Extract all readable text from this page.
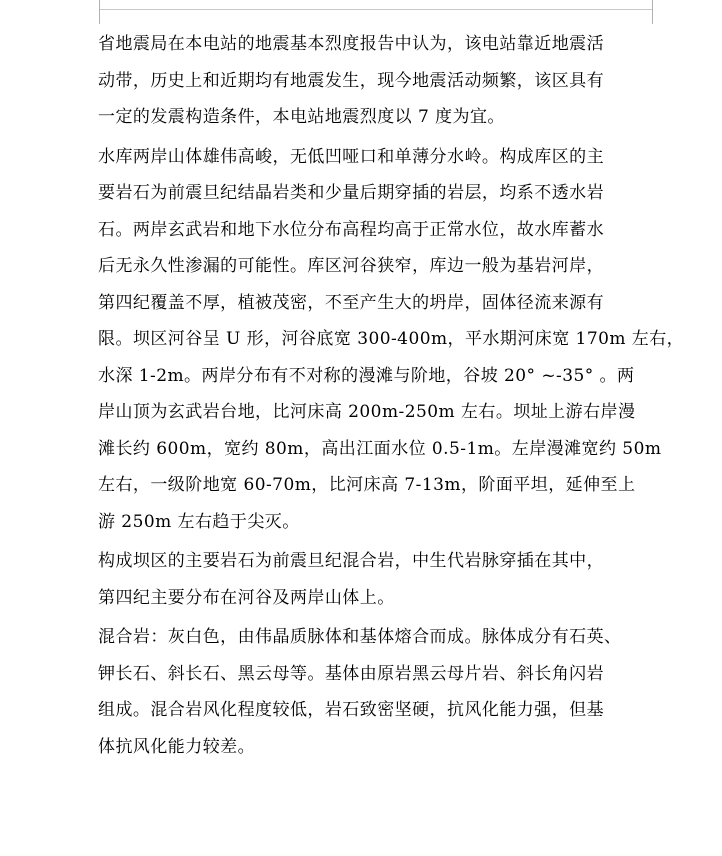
省地震局在本电站的地震基本烈度报告中认为，该电站靠近地震活
动带，历史上和近期均有地震发生，现今地震活动频繁，该区具有
一定的发震构造条件，本电站地震烈度以 7 度为宜。

水库两岸山体雄伟高峻，无低凹哑口和单薄分水岭。构成库区的主
要岩石为前震旦纪结晶岩类和少量后期穿插的岩层，均系不透水岩
石。两岸玄武岩和地下水位分布高程均高于正常水位，故水库蓄水
后无永久性渗漏的可能性。库区河谷狭窄，库边一般为基岩河岸，
第四纪覆盖不厚，植被茂密，不至产生大的坍岸，固体径流来源有
限。坝区河谷呈 U 形，河谷底宽 300-400m，平水期河床宽 170m 左右，
水深 1-2m。两岸分布有不对称的漫滩与阶地，谷坡 20° ~-35° 。两
岸山顶为玄武岩台地，比河床高 200m-250m 左右。坝址上游右岸漫
滩长约 600m，宽约 80m，高出江面水位 0.5-1m。左岸漫滩宽约 50m
左右，一级阶地宽 60-70m，比河床高 7-13m，阶面平坦，延伸至上
游 250m 左右趋于尖灭。

构成坝区的主要岩石为前震旦纪混合岩，中生代岩脉穿插在其中，
第四纪主要分布在河谷及两岸山体上。

混合岩：灰白色，由伟晶质脉体和基体熔合而成。脉体成分有石英、
钾长石、斜长石、黑云母等。基体由原岩黑云母片岩、斜长角闪岩
组成。混合岩风化程度较低，岩石致密坚硬，抗风化能力强，但基
体抗风化能力较差。
